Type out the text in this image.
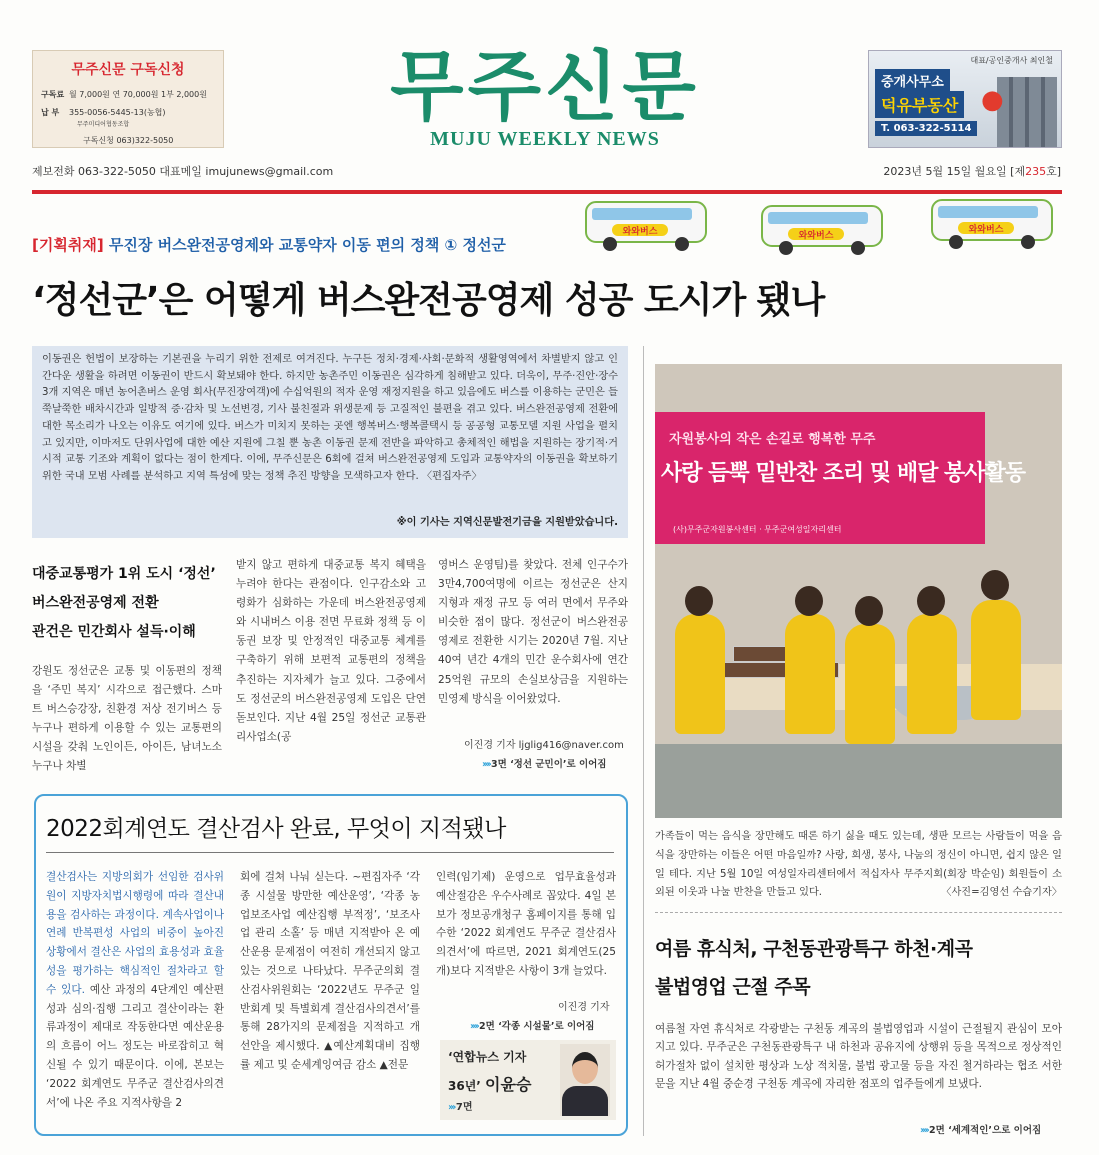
무주신문 구독신청
구독료 월 7,000원 연 70,000원 1부 2,000원
납 부 355-0056-5445-13(농협)
무주미디어협동조합
구독신청 063)322-5050
무주신문
MUJU WEEKLY NEWS
대표/공인중개사 최인철
중개사무소
덕유부동산 ●
T. 063-322-5114
제보전화 063-322-5050 대표메일 imujunews@gmail.com	2023년 5월 15일 월요일 [제235호]
[기획취재] 무진장 버스완전공영제와 교통약자 이동 편의 정책 ① 정선군
와와버스	와와버스
와와버스
‘정선군’은 어떻게 버스완전공영제 성공 도시가 됐나
이동권은 헌법이 보장하는 기본권을 누리기 위한 전제로 여겨진다. 누구든 정치·경제·사회·문화적 생활영역에서 차별받지 않고 인간다운 생활을 하려면 이동권이 반드시 확보돼야 한다. 하지만 농촌주민 이동권은 심각하게 침해받고 있다. 더욱이, 무주·진안·장수 3개 지역은 매년 농어촌버스 운영 회사(무진장여객)에 수십억원의 적자 운영 재정지원을 하고 있음에도 버스를 이용하는 군민은 들쭉날쭉한 배차시간과 일방적 증·감차 및 노선변경, 기사 불친절과 위생문제 등 고질적인 불편을 겪고 있다. 버스완전공영제 전환에 대한 목소리가 나오는 이유도 여기에 있다. 버스가 미치지 못하는 곳엔 행복버스·행복콜택시 등 공공형 교통모델 지원 사업을 펼치고 있지만, 이마저도 단위사업에 대한 예산 지원에 그칠 뿐 농촌 이동권 문제 전반을 파악하고 총체적인 해법을 지원하는 장기적·거시적 교통 기조와 계획이 없다는 점이 한계다. 이에, 무주신문은 6회에 걸쳐 버스완전공영제 도입과 교통약자의 이동권을 확보하기 위한 국내 모범 사례를 분석하고 지역 특성에 맞는 정책 추진 방향을 모색하고자 한다. 〈편집자주〉
※이 기사는 지역신문발전기금을 지원받았습니다.
대중교통평가 1위 도시 ‘정선’
버스완전공영제 전환
관건은 민간회사 설득·이해
강원도 정선군은 교통 및 이동편의 정책을 ‘주민 복지’ 시각으로 접근했다. 스마트 버스승강장, 친환경 저상 전기버스 등 누구나 편하게 이용할 수 있는 교통편의 시설을 갖춰 노인이든, 아이든, 남녀노소 누구나 차별
받지 않고 편하게 대중교통 복지 혜택을 누려야 한다는 관점이다. 인구감소와 고령화가 심화하는 가운데 버스완전공영제와 시내버스 이용 전면 무료화 정책 등 이동권 보장 및 안정적인 대중교통 체계를 구축하기 위해 보편적 교통편의 정책을 추진하는 지자체가 늘고 있다. 그중에서도 정선군의 버스완전공영제 도입은 단연 돋보인다. 지난 4월 25일 정선군 교통관리사업소(공
영버스 운영팀)를 찾았다. 전체 인구수가 3만4,700여명에 이르는 정선군은 산지 지형과 재정 규모 등 여러 면에서 무주와 비슷한 점이 많다. 정선군이 버스완전공영제로 전환한 시기는 2020년 7월. 지난 40여 년간 4개의 민간 운수회사에 연간 25억원 규모의 손실보상금을 지원하는 민영제 방식을 이어왔었다.
이진경 기자 ljglig416@naver.com
›››› 3면 ‘정선 군민이’로 이어짐
자원봉사의 작은 손길로 행복한 무주
사랑 듬뿍 밑반찬 조리 및 배달 봉사활동
(사)무주군자원봉사센터 · 무주군여성일자리센터
가족들이 먹는 음식을 장만해도 때론 하기 싫을 때도 있는데, 생판 모르는 사람들이 먹을 음식을 장만하는 이들은 어떤 마음일까? 사랑, 희생, 봉사, 나눔의 정신이 아니면, 쉽지 않은 일일 테다. 지난 5월 10일 여성일자리센터에서 적십자사 무주지회(회장 박순임) 회원들이 소외된 이웃과 나눌 반찬을 만들고 있다.	〈사진=김영선 수습기자〉
여름 휴식처, 구천동관광특구 하천·계곡
불법영업 근절 주목
여름철 자연 휴식처로 각광받는 구천동 계곡의 불법영업과 시설이 근절될지 관심이 모아지고 있다. 무주군은 구천동관광특구 내 하천과 공유지에 상행위 등을 목적으로 정상적인 허가절차 없이 설치한 평상과 노상 적치물, 불법 광고물 등을 자진 철거하라는 협조 서한문을 지난 4월 중순경 구천동 계곡에 자리한 점포의 업주들에게 보냈다.
›››› 2면 ‘세계적인’으로 이어짐
2022회계연도 결산검사 완료, 무엇이 지적됐나
결산검사는 지방의회가 선임한 검사위원이 지방자치법시행령에 따라 결산내용을 검사하는 과정이다. 계속사업이나 연례 반복편성 사업의 비중이 높아진 상황에서 결산은 사업의 효용성과 효율성을 평가하는 핵심적인 절차라고 할 수 있다. 예산 과정의 4단계인 예산편성과 심의·집행 그리고 결산이라는 환류과정이 제대로 작동한다면 예산운용의 흐름이 어느 정도는 바로잡히고 혁신될 수 있기 때문이다. 이에, 본보는 ‘2022 회계연도 무주군 결산검사의견서’에 나온 주요 지적사항을 2
회에 걸쳐 나눠 싣는다. ~편집자주 ‘각종 시설물 방만한 예산운영’, ‘각종 농업보조사업 예산집행 부적정’, ‘보조사업 관리 소홀’ 등 매년 지적받아 온 예산운용 문제점이 여전히 개선되지 않고 있는 것으로 나타났다. 무주군의회 결산검사위원회는 ‘2022년도 무주군 일반회계 및 특별회계 결산검사의견서’를 통해 28가지의 문제점을 지적하고 개선안을 제시했다. ▲예산계획대비 집행률 제고 및 순세계잉여금 감소 ▲전문
인력(임기제) 운영으로 업무효율성과 예산절감은 우수사례로 꼽았다. 4일 본보가 정보공개청구 홈페이지를 통해 입수한 ‘2022 회계연도 무주군 결산검사의견서’에 따르면, 2021 회계연도(25개)보다 지적받은 사항이 3개 늘었다.
이진경 기자
›››› 2면 ‘각종 시설물’로 이어짐
‘연합뉴스 기자
36년’ 이윤승
››› 7면
